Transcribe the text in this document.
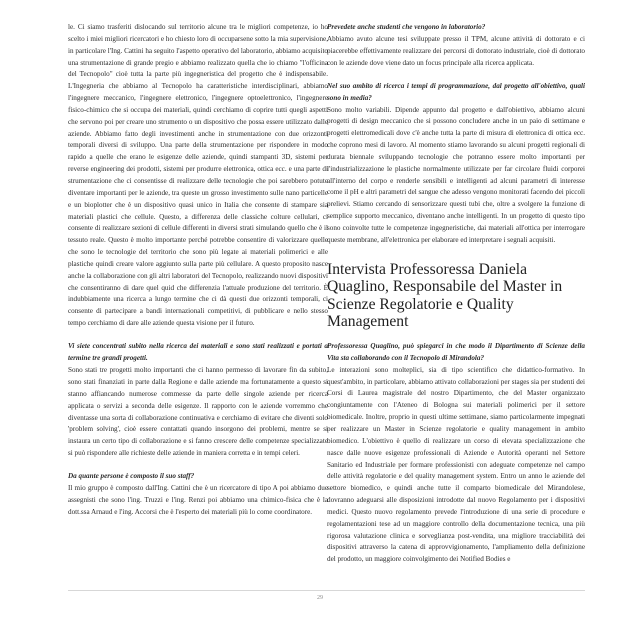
le. Ci siamo trasferiti dislocando sul territorio alcune tra le migliori competenze, io ho scelto i miei migliori ricercatori e ho chiesto loro di occuparsene sotto la mia supervisione, in particolare l'Ing. Cattini ha seguito l'aspetto operativo del laboratorio, abbiamo acquisito una strumentazione di grande pregio e abbiamo realizzato quella che io chiamo "l'officina del Tecnopolo" cioè tutta la parte più ingegneristica del progetto che è indispensabile. L'Ingegneria che abbiamo al Tecnopolo ha caratteristiche interdisciplinari, abbiamo l'ingegnere meccanico, l'ingegnere elettronico, l'ingegnere optoelettronico, l'ingegnere fisico-chimico che si occupa dei materiali, quindi cerchiamo di coprire tutti quegli aspetti che servono poi per creare uno strumento o un dispositivo che possa essere utilizzato dalle aziende. Abbiamo fatto degli investimenti anche in strumentazione con due orizzonti temporali diversi di sviluppo. Una parte della strumentazione per rispondere in modo rapido a quelle che erano le esigenze delle aziende, quindi stampanti 3D, sistemi per reverse engineering dei prodotti, sistemi per produrre elettronica, ottica ecc. e una parte di strumentazione che ci consentisse di realizzare delle tecnologie che poi sarebbero potute diventare importanti per le aziende, tra queste un grosso investimento sulle nano particelle e un bioplotter che è un dispositivo quasi unico in Italia che consente di stampare sia materiali plastici che cellule. Questo, a differenza delle classiche colture cellulari, ci consente di realizzare sezioni di cellule differenti in diversi strati simulando quello che è il tessuto reale. Questo è molto importante perché potrebbe consentire di valorizzare quelle che sono le tecnologie del territorio che sono più legate ai materiali polimerici e alle plastiche quindi creare valore aggiunto sulla parte più cellulare. A questo proposito nasce anche la collaborazione con gli altri laboratori del Tecnopolo, realizzando nuovi dispositivi che consentiranno di dare quel quid che differenzia l'attuale produzione del territorio. È indubbiamente una ricerca a lungo termine che ci dà questi due orizzonti temporali, ci consente di partecipare a bandi internazionali competitivi, di pubblicare e nello stesso tempo cerchiamo di dare alle aziende questa visione per il futuro.

Vi siete concentrati subito nella ricerca dei materiali e sono stati realizzati e portati a termine tre grandi progetti.

Sono stati tre progetti molto importanti che ci hanno permesso di lavorare fin da subito, sono stati finanziati in parte dalla Regione e dalle aziende ma fortunatamente a questo si stanno affiancando numerose commesse da parte delle singole aziende per ricerca applicata o servizi a seconda delle esigenze. Il rapporto con le aziende vorremmo che diventasse una sorta di collaborazione continuativa e cerchiamo di evitare che diventi solo 'problem solving', cioè essere contattati quando insorgono dei problemi, mentre se si instaura un certo tipo di collaborazione e si fanno crescere delle competenze specializzate si può rispondere alle richieste delle aziende in maniera corretta e in tempi celeri.

Da quante persone è composto il suo staff?

Il mio gruppo è composto dall'Ing. Cattini che è un ricercatore di tipo A poi abbiamo due assegnisti che sono l'ing. Truzzi e l'ing. Renzi poi abbiamo una chimico-fisica che è la dott.ssa Arnaud e l'ing. Accorsi che è l'esperto dei materiali più lo come coordinatore.

Prevedete anche studenti che vengono in laboratorio?

Abbiamo avuto alcune tesi sviluppate presso il TPM, alcune attività di dottorato e ci piacerebbe effettivamente realizzare dei percorsi di dottorato industriale, cioè di dottorato con le aziende dove viene dato un focus principale alla ricerca applicata.

Nel suo ambito di ricerca i tempi di programmazione, dal progetto all'obiettivo, quali sono in media?

Sono molto variabili. Dipende appunto dal progetto e dall'obiettivo, abbiamo alcuni progetti di design meccanico che si possono concludere anche in un paio di settimane e progetti elettromedicali dove c'è anche tutta la parte di misura di elettronica di ottica ecc. che coprono mesi di lavoro. Al momento stiamo lavorando su alcuni progetti regionali di durata biennale sviluppando tecnologie che potranno essere molto importanti per l'industrializzazione le plastiche normalmente utilizzate per far circolare fluidi corporei all'interno del corpo e renderle sensibili e intelligenti ad alcuni parametri di interesse come il pH e altri parametri del sangue che adesso vengono monitorati facendo dei piccoli prelievi. Stiamo cercando di sensorizzare questi tubi che, oltre a svolgere la funzione di semplice supporto meccanico, diventano anche intelligenti. In un progetto di questo tipo sono coinvolte tutte le competenze ingegneristiche, dai materiali all'ottica per interrogare queste membrane, all'elettronica per elaborare ed interpretare i segnali acquisiti.

Intervista Professoressa Daniela Quaglino, Responsabile del Master in Scienze Regolatorie e Quality Management

Professoressa Quaglino, può spiegarci in che modo il Dipartimento di Scienze della Vita sta collaborando con il Tecnopolo di Mirandola?

Le interazioni sono molteplici, sia di tipo scientifico che didattico-formativo. In quest'ambito, in particolare, abbiamo attivato collaborazioni per stages sia per studenti dei Corsi di Laurea magistrale del nostro Dipartimento, che del Master organizzato congiuntamente con l'Ateneo di Bologna sui materiali polimerici per il settore biomedicale. Inoltre, proprio in questi ultime settimane, siamo particolarmente impegnati per realizzare un Master in Scienze regolatorie e quality management in ambito biomedico. L'obiettivo è quello di realizzare un corso di elevata specializzazione che nasce dalle nuove esigenze professionali di Aziende e Autorità operanti nel Settore Sanitario ed Industriale per formare professionisti con adeguate competenze nel campo delle attività regolatorie e del quality management system. Entro un anno le aziende del settore biomedico, e quindi anche tutte il comparto biomedicale del Mirandolese, dovranno adeguarsi alle disposizioni introdotte dal nuovo Regolamento per i dispositivi medici. Questo nuovo regolamento prevede l'introduzione di una serie di procedure e regolamentazioni tese ad un maggiore controllo della documentazione tecnica, una più rigorosa valutazione clinica e sorveglianza post-vendita, una migliore tracciabilità dei dispositivi attraverso la catena di approvvigionamento, l'ampliamento della definizione del prodotto, un maggiore coinvolgimento dei Notified Bodies e

29
